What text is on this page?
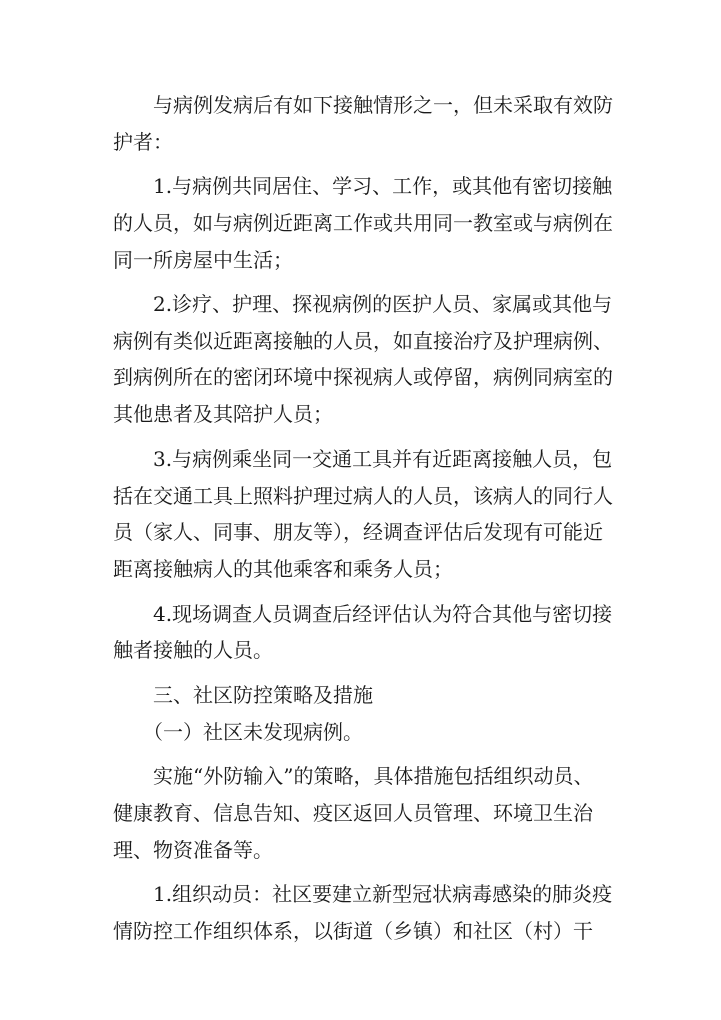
　　与病例发病后有如下接触情形之一，但未采取有效防
护者：
　　1.与病例共同居住、学习、工作，或其他有密切接触
的人员，如与病例近距离工作或共用同一教室或与病例在
同一所房屋中生活；
　　2.诊疗、护理、探视病例的医护人员、家属或其他与
病例有类似近距离接触的人员，如直接治疗及护理病例、
到病例所在的密闭环境中探视病人或停留，病例同病室的
其他患者及其陪护人员；
　　3.与病例乘坐同一交通工具并有近距离接触人员，包
括在交通工具上照料护理过病人的人员，该病人的同行人
员（家人、同事、朋友等），经调查评估后发现有可能近
距离接触病人的其他乘客和乘务人员；
　　4.现场调查人员调查后经评估认为符合其他与密切接
触者接触的人员。
　　三、社区防控策略及措施
　　（一）社区未发现病例。
　　实施“外防输入”的策略，具体措施包括组织动员、
健康教育、信息告知、疫区返回人员管理、环境卫生治
理、物资准备等。
　　1.组织动员：社区要建立新型冠状病毒感染的肺炎疫
情防控工作组织体系，以街道（乡镇）和社区（村）干
